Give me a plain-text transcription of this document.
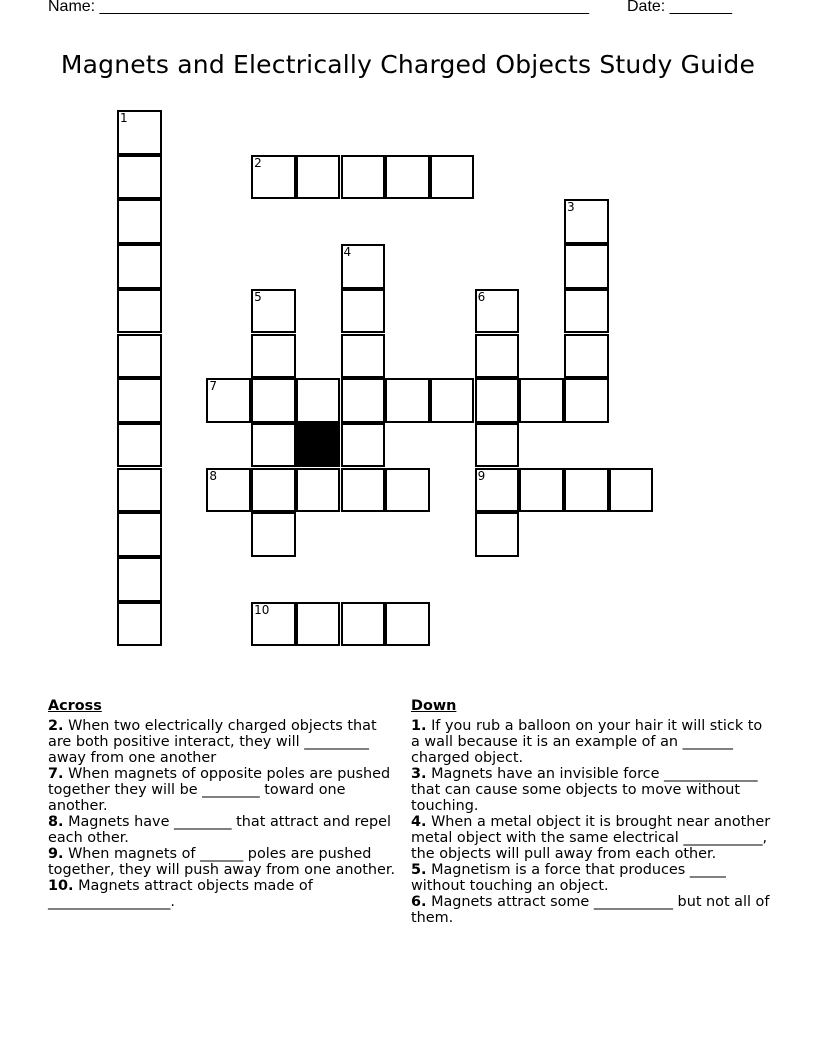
Name: _______________________________________________________ Date: _______
Magnets and Electrically Charged Objects Study Guide
1
2
3
4
5	6
9
7
8
10
Across
2. When two electrically charged objects that are both positive interact, they will _________ away from one another
7. When magnets of opposite poles are pushed together they will be ________ toward one another.
8. Magnets have ________ that attract and repel each other.
9. When magnets of ______ poles are pushed together, they will push away from one another.
10. Magnets attract objects made of _________________.
Down
1. If you rub a balloon on your hair it will stick to a wall because it is an example of an _______ charged object.
3. Magnets have an invisible force _____________ that can cause some objects to move without touching.
4. When a metal object it is brought near another metal object with the same electrical ___________, the objects will pull away from each other.
5. Magnetism is a force that produces _____ without touching an object.
6. Magnets attract some ___________ but not all of them.
